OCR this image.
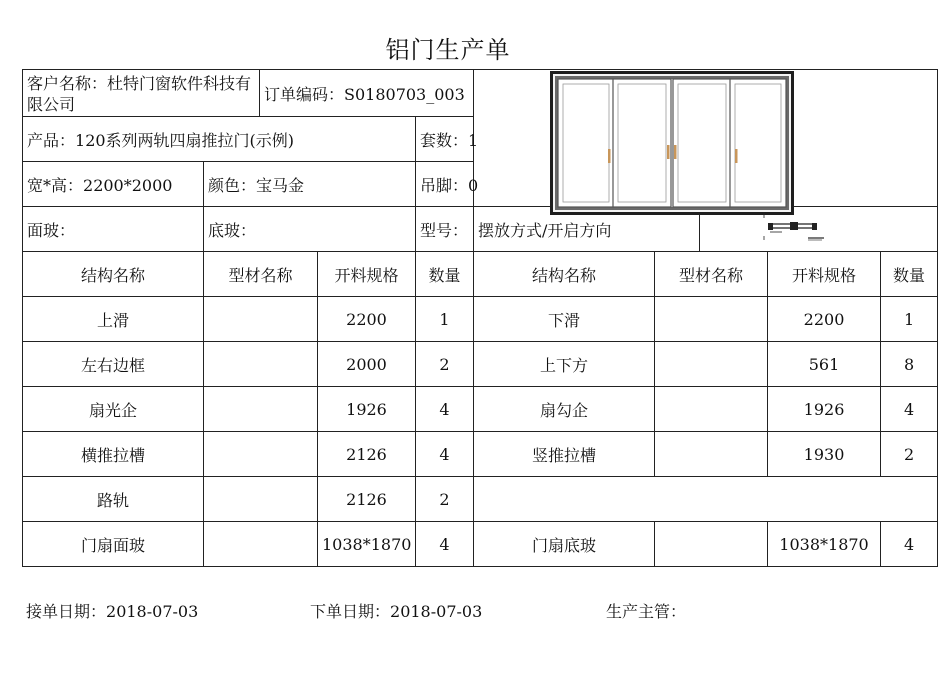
铝门生产单
客户名称：杜特门窗软件科技有限公司		订单编码：S0180703_003	

产品：120系列两轨四扇推拉门(示例)				套数：1					
宽*高：2200*2000	颜色：宝马金			吊脚：0					
面玻：	底玻：			型号：	摆放方式/开启方向	

结构名称	型材名称		开料规格	数量	结构名称	型材名称		开料规格	数量
上滑			2200	1	下滑			2200	1
左右边框			2000	2	上下方			561	8
扇光企			1926	4	扇勾企			1926	4
横推拉槽			2126	4	竖推拉槽			1930	2
路轨			2126	2					
门扇面玻			1038*1870	4	门扇底玻			1038*1870	4
接单日期：2018-07-03	下单日期：2018-07-03	生产主管：
